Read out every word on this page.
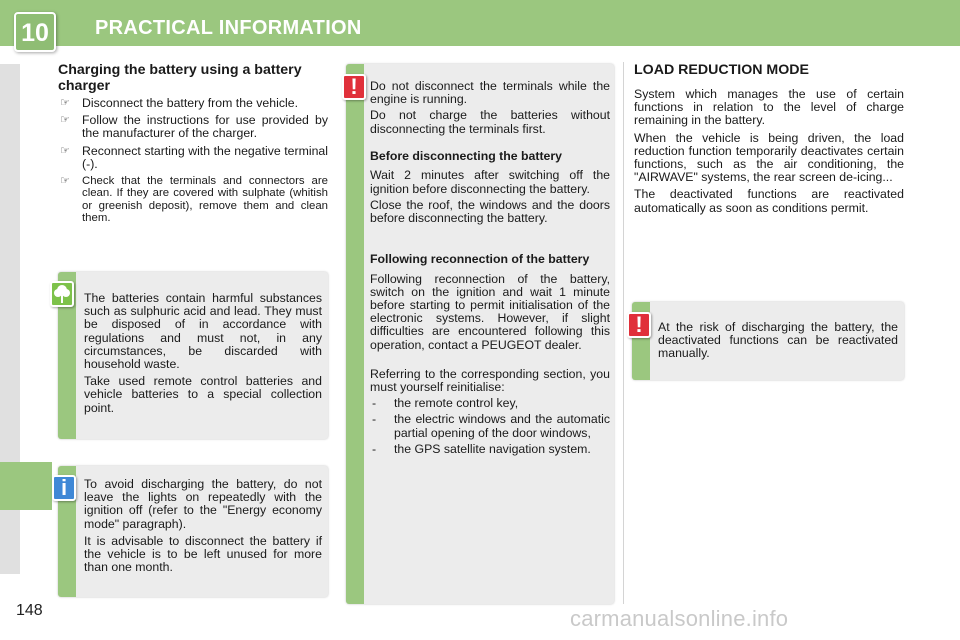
10 PRACTICAL INFORMATION
Charging the battery using a battery charger
☞ Disconnect the battery from the vehicle.
☞ Follow the instructions for use provided by the manufacturer of the charger.
☞ Reconnect starting with the negative terminal (-).
☞ Check that the terminals and connectors are clean. If they are covered with sulphate (whitish or greenish deposit), remove them and clean them.

The batteries contain harmful substances such as sulphuric acid and lead. They must be disposed of in accordance with regulations and must not, in any circumstances, be discarded with household waste.

Take used remote control batteries and vehicle batteries to a special collection point.

To avoid discharging the battery, do not leave the lights on repeatedly with the ignition off (refer to the "Energy economy mode" paragraph).

It is advisable to disconnect the battery if the vehicle is to be left unused for more than one month.

i

Do not disconnect the terminals while the engine is running.

Do not charge the batteries without disconnecting the terminals first.

Before disconnecting the battery

Wait 2 minutes after switching off the ignition before disconnecting the battery.

Close the roof, the windows and the doors before disconnecting the battery.

Following reconnection of the battery

Following reconnection of the battery, switch on the ignition and wait 1 minute before starting to permit initialisation of the electronic systems. However, if slight difficulties are encountered following this operation, contact a PEUGEOT dealer.

Referring to the corresponding section, you must yourself reinitialise:

- the remote control key,
- the electric windows and the automatic partial opening of the door windows,
- the GPS satellite navigation system.
!
LOAD REDUCTION MODE

System which manages the use of certain functions in relation to the level of charge remaining in the battery.

When the vehicle is being driven, the load reduction function temporarily deactivates certain functions, such as the air conditioning, the "AIRWAVE" systems, the rear screen de-icing...

The deactivated functions are reactivated automatically as soon as conditions permit.

At the risk of discharging the battery, the deactivated functions can be reactivated manually.

!
148	carmanualsonline.info
